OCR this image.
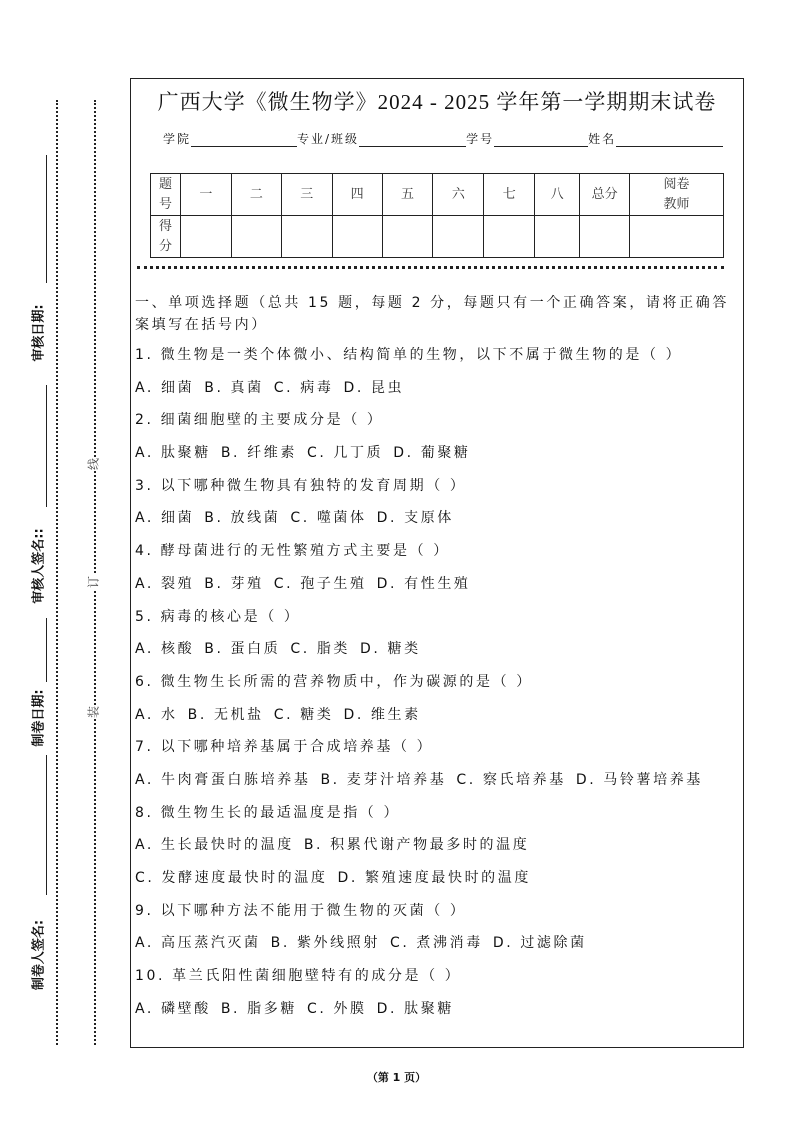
审核日期:
审核人签名::
制卷日期:
制卷人签名:
线
订
装
广西大学《微生物学》2024 - 2025 学年第一学期期末试卷
学院	专业/班级	学号	姓名
题号	一	二	三	四	五	六	七	八	总分	阅卷教师
得分										
一、单项选择题（总共 15 题，每题 2 分，每题只有一个正确答案，请将正确答案填写在括号内）
1. 微生物是一类个体微小、结构简单的生物，以下不属于微生物的是（ ）
A. 细菌 B. 真菌 C. 病毒 D. 昆虫
2. 细菌细胞壁的主要成分是（ ）
A. 肽聚糖 B. 纤维素 C. 几丁质 D. 葡聚糖
3. 以下哪种微生物具有独特的发育周期（ ）
A. 细菌 B. 放线菌 C. 噬菌体 D. 支原体
4. 酵母菌进行的无性繁殖方式主要是（ ）
A. 裂殖 B. 芽殖 C. 孢子生殖 D. 有性生殖
5. 病毒的核心是（ ）
A. 核酸 B. 蛋白质 C. 脂类 D. 糖类
6. 微生物生长所需的营养物质中，作为碳源的是（ ）
A. 水 B. 无机盐 C. 糖类 D. 维生素
7. 以下哪种培养基属于合成培养基（ ）
A. 牛肉膏蛋白胨培养基 B. 麦芽汁培养基 C. 察氏培养基 D. 马铃薯培养基
8. 微生物生长的最适温度是指（ ）
A. 生长最快时的温度 B. 积累代谢产物最多时的温度
C. 发酵速度最快时的温度 D. 繁殖速度最快时的温度
9. 以下哪种方法不能用于微生物的灭菌（ ）
A. 高压蒸汽灭菌 B. 紫外线照射 C. 煮沸消毒 D. 过滤除菌
10. 革兰氏阳性菌细胞壁特有的成分是（ ）
A. 磷壁酸 B. 脂多糖 C. 外膜 D. 肽聚糖
（第 1 页）
